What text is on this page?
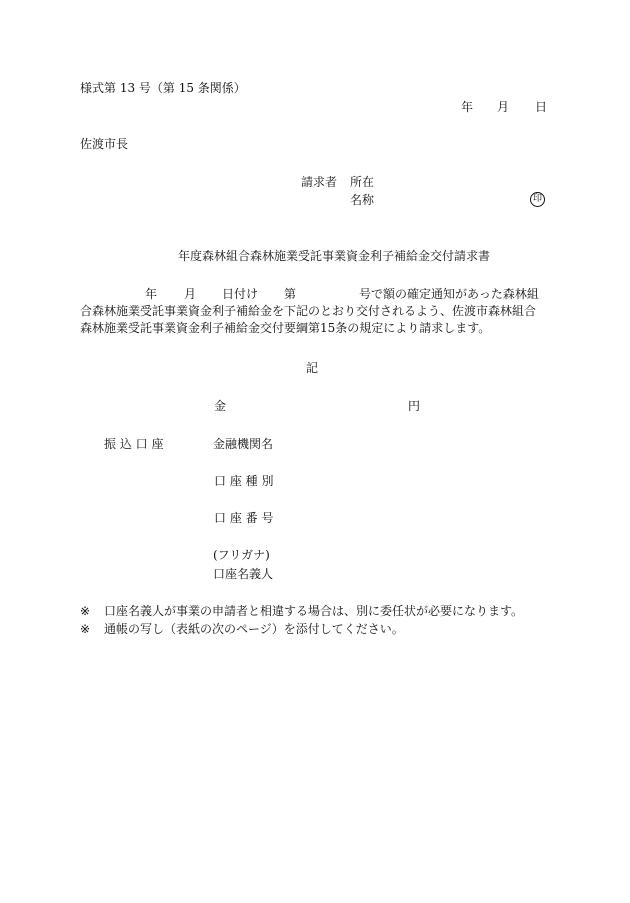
様式第 13 号（第 15 条関係）
年 月 日
佐渡市長
請求者 所在
名称	印
年度森林組合森林施業受託事業資金利子補給金交付請求書
年 月 日付け 第	号で額の確定通知があった森林組
合森林施業受託事業資金利子補給金を下記のとおり交付されるよう、佐渡市森林組合
森林施業受託事業資金利子補給金交付要綱第15条の規定により請求します。
記
金	円
振 込 口 座	金融機関名
口 座 種 別
口 座 番 号
(フリガナ)
口座名義人
※ 口座名義人が事業の申請者と相違する場合は、別に委任状が必要になります。
※ 通帳の写し（表紙の次のページ）を添付してください。
